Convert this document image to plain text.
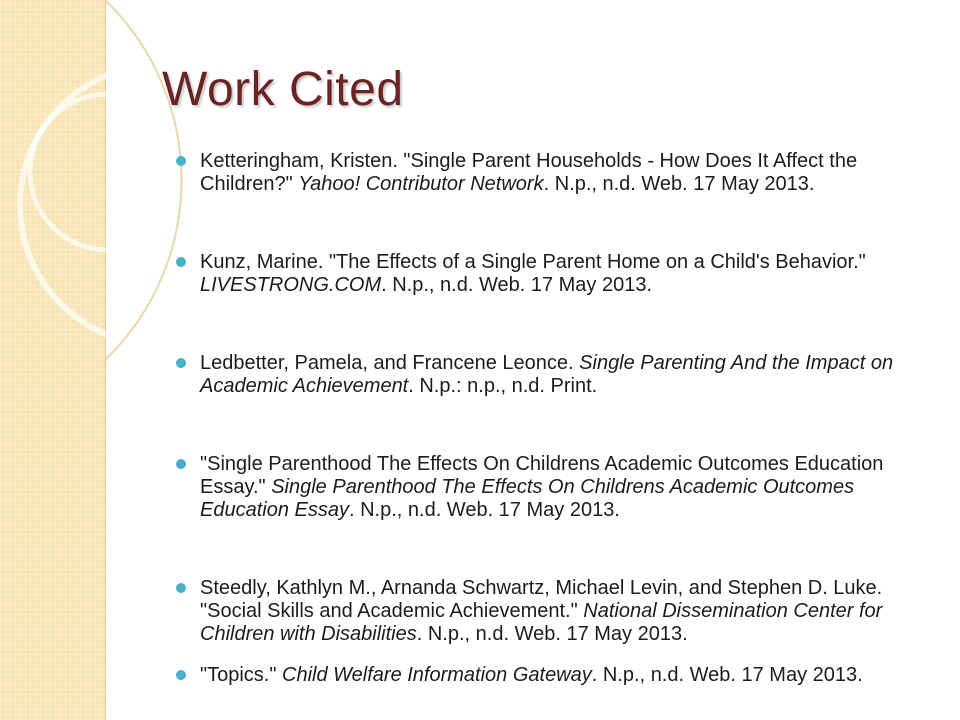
Work Cited
Ketteringham, Kristen. "Single Parent Households - How Does It Affect the Children?" Yahoo! Contributor Network. N.p., n.d. Web. 17 May 2013.
Kunz, Marine. "The Effects of a Single Parent Home on a Child's Behavior." LIVESTRONG.COM. N.p., n.d. Web. 17 May 2013.
Ledbetter, Pamela, and Francene Leonce. Single Parenting And the Impact on Academic Achievement. N.p.: n.p., n.d. Print.
"Single Parenthood The Effects On Childrens Academic Outcomes Education Essay." Single Parenthood The Effects On Childrens Academic Outcomes Education Essay. N.p., n.d. Web. 17 May 2013.
Steedly, Kathlyn M., Arnanda Schwartz, Michael Levin, and Stephen D. Luke. "Social Skills and Academic Achievement." National Dissemination Center for Children with Disabilities. N.p., n.d. Web. 17 May 2013.
"Topics." Child Welfare Information Gateway. N.p., n.d. Web. 17 May 2013.
